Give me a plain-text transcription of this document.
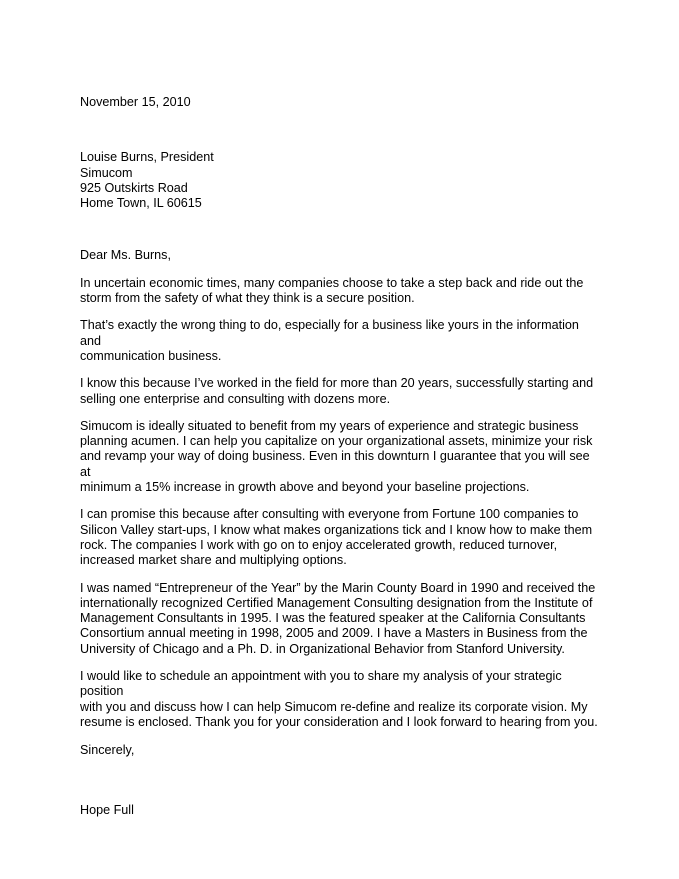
November 15, 2010
Louise Burns, President
Simucom
925 Outskirts Road
Home Town, IL 60615
Dear Ms. Burns,
In uncertain economic times, many companies choose to take a step back and ride out the
storm from the safety of what they think is a secure position.
That’s exactly the wrong thing to do, especially for a business like yours in the information and
communication business.
I know this because I’ve worked in the field for more than 20 years, successfully starting and
selling one enterprise and consulting with dozens more.
Simucom is ideally situated to benefit from my years of experience and strategic business
planning acumen. I can help you capitalize on your organizational assets, minimize your risk
and revamp your way of doing business. Even in this downturn I guarantee that you will see at
minimum a 15% increase in growth above and beyond your baseline projections.
I can promise this because after consulting with everyone from Fortune 100 companies to
Silicon Valley start-ups, I know what makes organizations tick and I know how to make them
rock. The companies I work with go on to enjoy accelerated growth, reduced turnover,
increased market share and multiplying options.
I was named “Entrepreneur of the Year” by the Marin County Board in 1990 and received the
internationally recognized Certified Management Consulting designation from the Institute of
Management Consultants in 1995. I was the featured speaker at the California Consultants
Consortium annual meeting in 1998, 2005 and 2009. I have a Masters in Business from the
University of Chicago and a Ph. D. in Organizational Behavior from Stanford University.
I would like to schedule an appointment with you to share my analysis of your strategic position
with you and discuss how I can help Simucom re-define and realize its corporate vision. My
resume is enclosed. Thank you for your consideration and I look forward to hearing from you.
Sincerely,
Hope Full
